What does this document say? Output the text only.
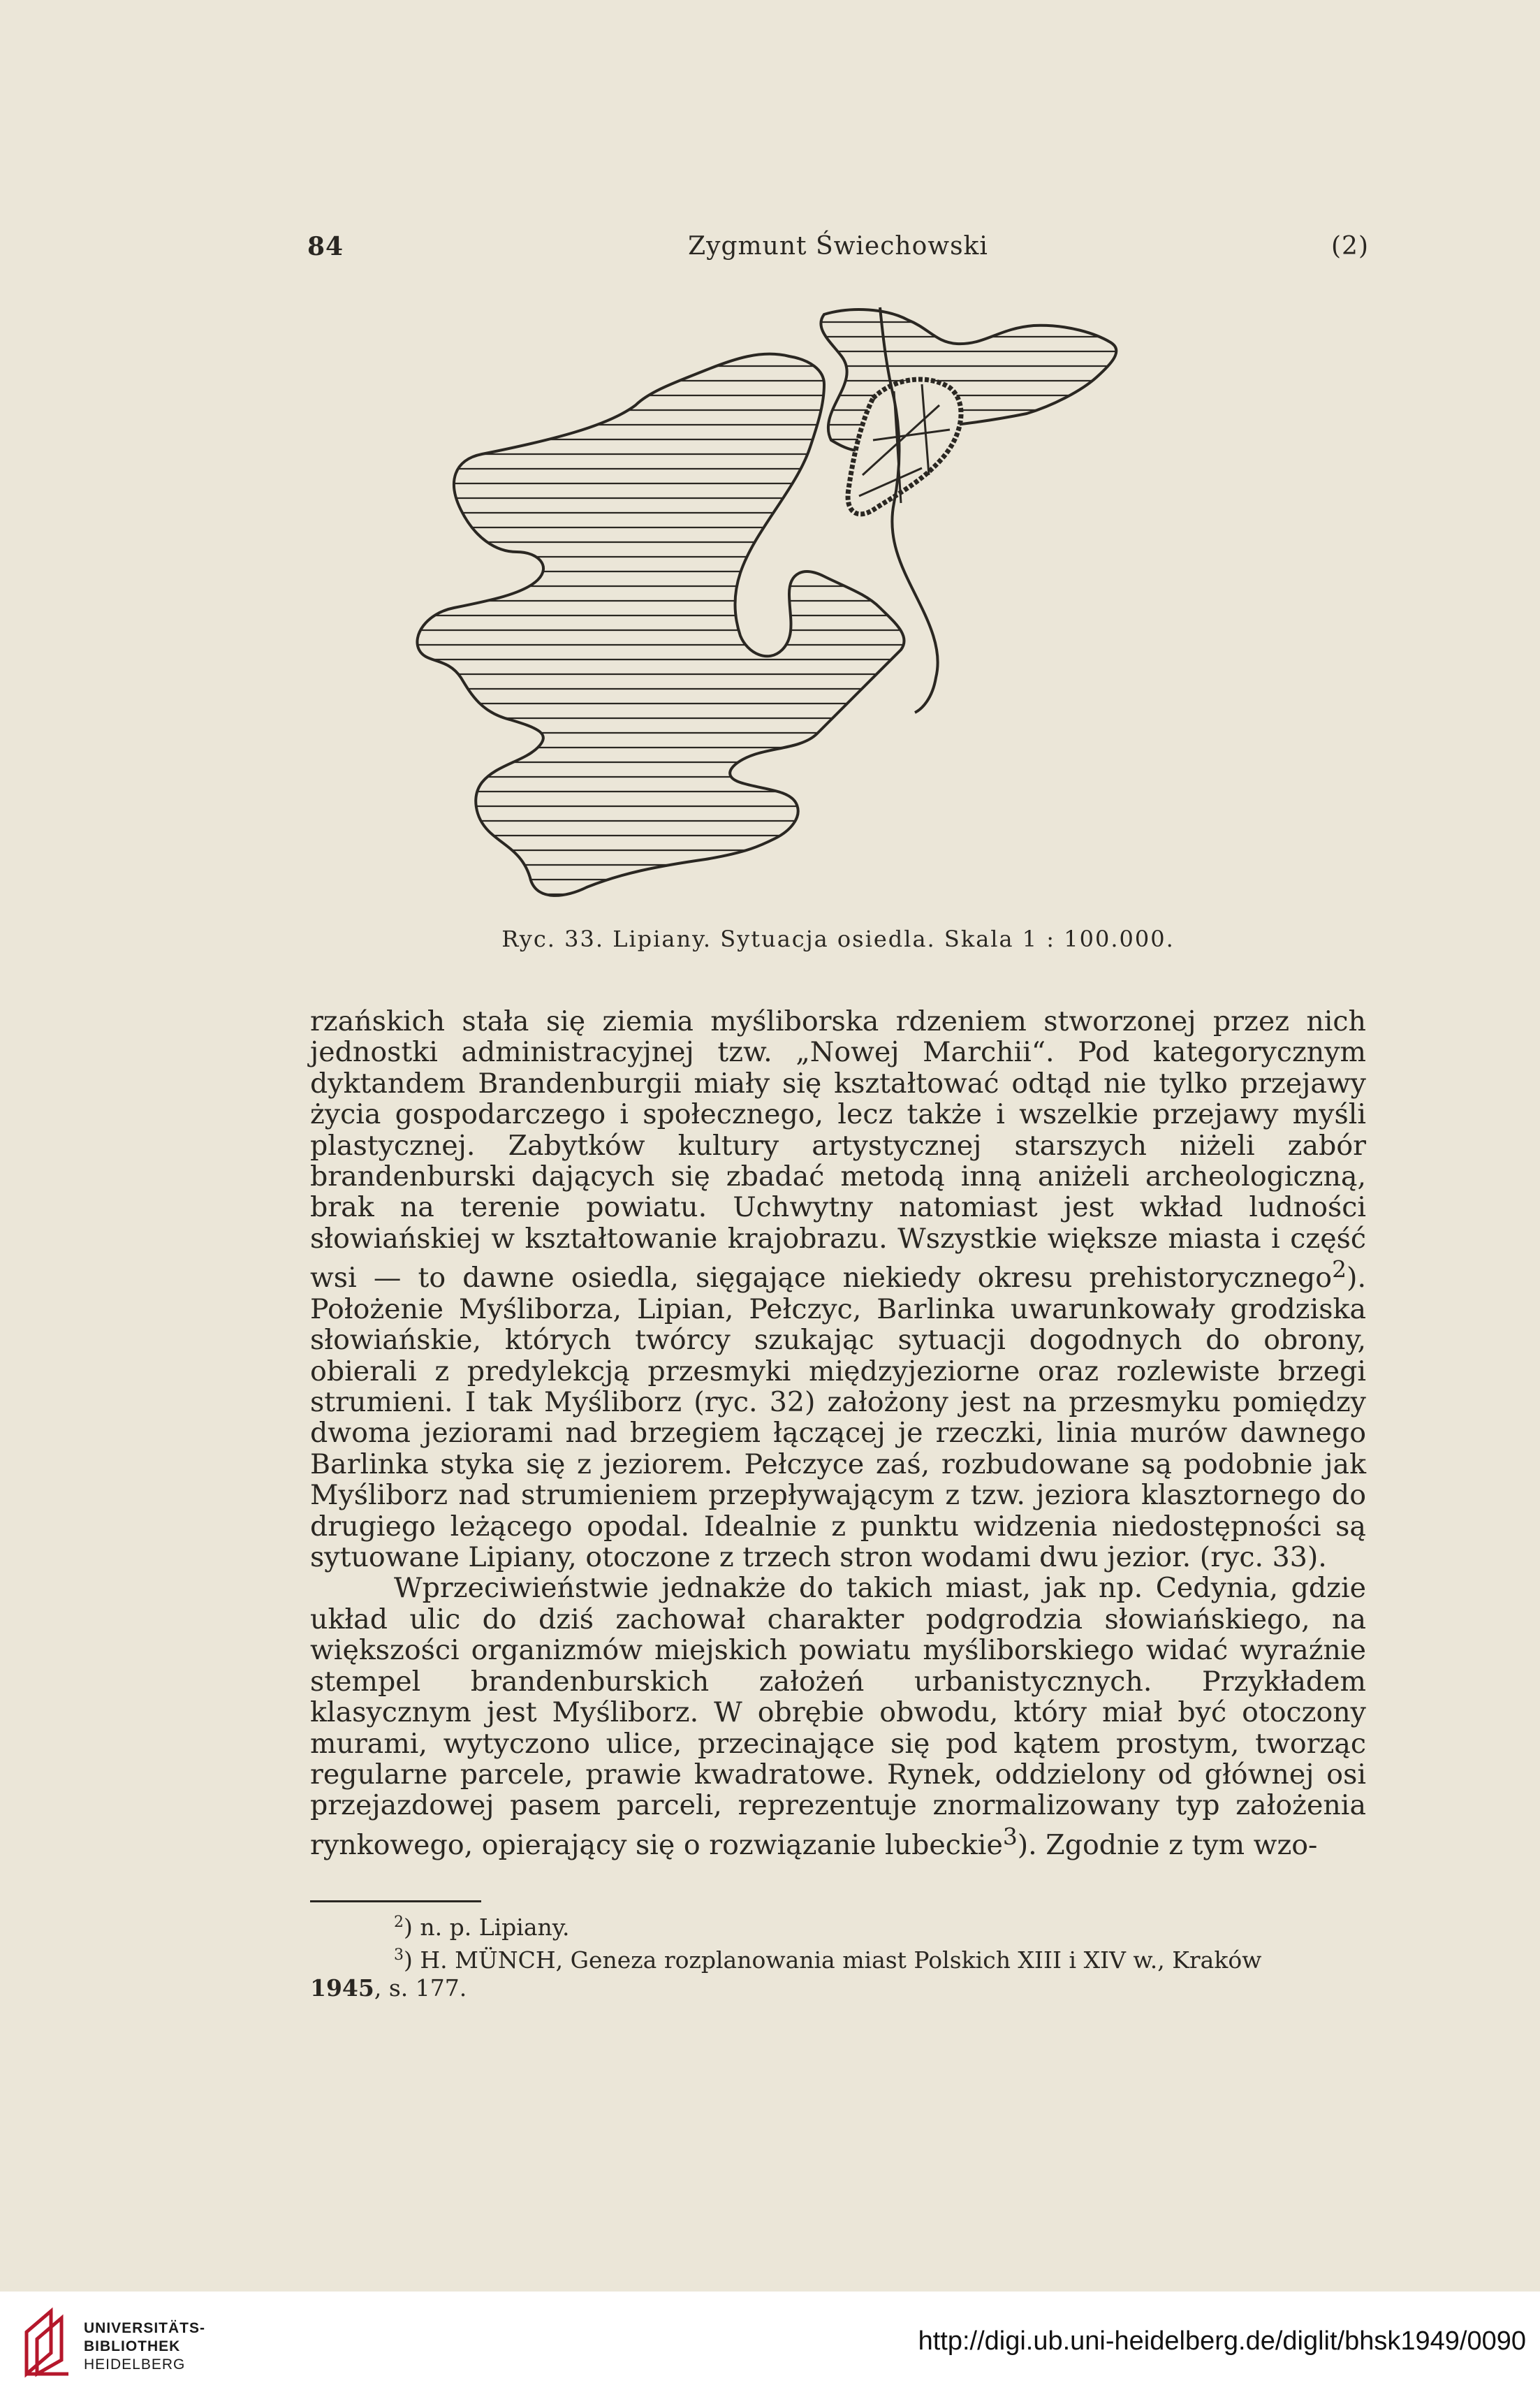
84	Zygmunt Świechowski	(2)
Ryc. 33. Lipiany. Sytuacja osiedla. Skala 1 : 100.000.

rzańskich stała się ziemia myśliborska rdzeniem stworzonej przez nich jednostki administracyjnej tzw. „Nowej Marchii“. Pod kategorycznym dyktandem Brandenburgii miały się kształtować odtąd nie tylko przejawy życia gospodarczego i społecznego, lecz także i wszelkie przejawy myśli plastycznej. Zabytków kultury artystycznej starszych niżeli zabór brandenburski dających się zbadać metodą inną aniżeli archeologiczną, brak na terenie powiatu. Uchwytny natomiast jest wkład ludności słowiańskiej w kształtowanie krajobrazu. Wszystkie większe miasta i część wsi — to dawne osiedla, sięgające niekiedy okresu prehistorycznego$^2$). Położenie Myśliborza, Lipian, Pełczyc, Barlinka uwarunkowały grodziska słowiańskie, których twórcy szukając sytuacji dogodnych do obrony, obierali z predylekcją przesmyki międzyjeziorne oraz rozlewiste brzegi strumieni. I tak Myśliborz (ryc. 32) założony jest na przesmyku pomiędzy dwoma jeziorami nad brzegiem łączącej je rzeczki, linia murów dawnego Barlinka styka się z jeziorem. Pełczyce zaś, rozbudowane są podobnie jak Myśliborz nad strumieniem przepływającym z tzw. jeziora klasztornego do drugiego leżącego opodal. Idealnie z punktu widzenia niedostępności są sytuowane Lipiany, otoczone z trzech stron wodami dwu jezior. (ryc. 33).

Wprzeciwieństwie jednakże do takich miast, jak np. Cedynia, gdzie układ ulic do dziś zachował charakter podgrodzia słowiańskiego, na większości organizmów miejskich powiatu myśliborskiego widać wyraźnie stempel brandenburskich założeń urbanistycznych. Przykładem klasycznym jest Myśliborz. W obrębie obwodu, który miał być otoczony murami, wytyczono ulice, przecinające się pod kątem prostym, tworząc regularne parcele, prawie kwadratowe. Rynek, oddzielony od głównej osi przejazdowej pasem parceli, reprezentuje znormalizowany typ założenia rynkowego, opierający się o rozwiązanie lubeckie$^3$). Zgodnie z tym wzo-

$^2$) n. p. Lipiany.

$^3$) H. MÜNCH, Geneza rozplanowania miast Polskich XIII i XIV w., Kraków

1945, s. 177.

UNIVERSITÄTS-
BIBLIOTHEK
HEIDELBERG
http://digi.ub.uni-heidelberg.de/diglit/bhsk1949/0090
